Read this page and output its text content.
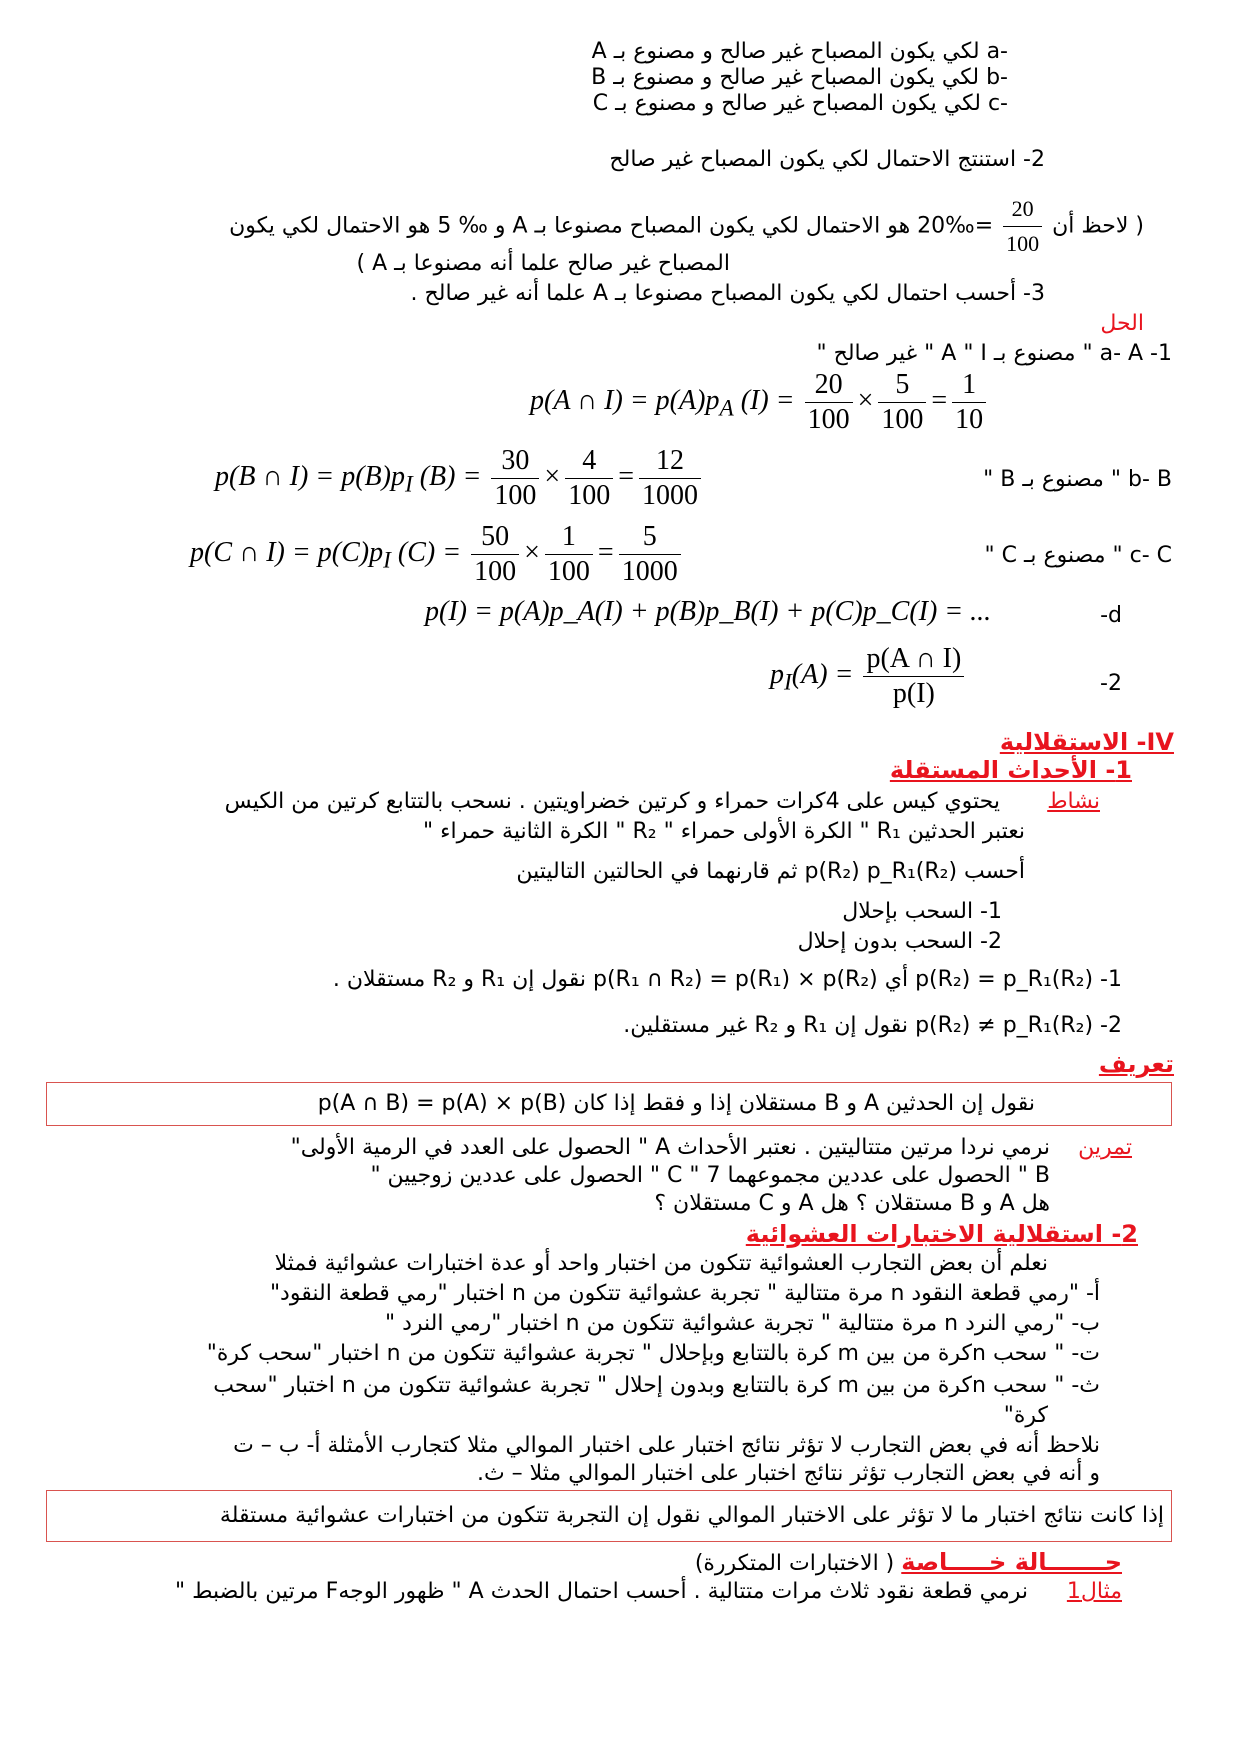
-a لكي يكون المصباح غير صالح و مصنوع بـ A
-b لكي يكون المصباح غير صالح و مصنوع بـ B
-c لكي يكون المصباح غير صالح و مصنوع بـ C
2- استنتج الاحتمال لكي يكون المصباح غير صالح
( لاحظ أن
$\frac{20}{100}$
=‰20 هو الاحتمال لكي يكون المصباح مصنوعا بـ A و ‰ 5 هو الاحتمال لكي يكون
المصباح غير صالح علما أنه مصنوعا بـ A )
3- أحسب احتمال لكي يكون المصباح مصنوعا بـ A علما أنه غير صالح .
الحل
1- a- A " مصنوع بـ A " I " غير صالح "
p(A ∩ $I) = p(A)p_A$ $(I) = \frac{20}{100} \times \frac{5}{100} = \frac{1}{10}$
b- B " مصنوع بـ B "
p(B ∩ $I) = p(B)p_I$ $(B) = \frac{30}{100} \times \frac{4}{100} = \frac{12}{1000}$
c- C " مصنوع بـ C "
p(C ∩ $I) = p(C)p_I$ $(C) = \frac{50}{100} \times \frac{1}{100} = \frac{5}{1000}$
d-
p(I) = p(A)p_A(I) + p(B)p_B(I) + p(C)p_C(I) = ...
2-
$p_I(A) = \frac{p(A \cap I)}{p(I)}$
IV- الاستقلالية
1- الأحداث المستقلة
نشاط
يحتوي كيس على 4كرات حمراء و كرتين خضراويتين . نسحب بالتتابع كرتين من الكيس
نعتبر الحدثين R₁ " الكرة الأولى حمراء " R₂ " الكرة الثانية حمراء "
أحسب p(R₂) p_R₁(R₂) ثم قارنهما في الحالتين التاليتين
1- السحب بإحلال
2- السحب بدون إحلال
1- p(R₂) = p_R₁(R₂) أي p(R₁ ∩ R₂) = p(R₁) × p(R₂) نقول إن R₁ و R₂ مستقلان .
2- p(R₂) ≠ p_R₁(R₂) نقول إن R₁ و R₂ غير مستقلين.
تعريف
نقول إن الحدثين A و B مستقلان إذا و فقط إذا كان p(A ∩ B) = p(A) × p(B)
تمرين
نرمي نردا مرتين متتاليتين . نعتبر الأحداث A " الحصول على العدد في الرمية الأولى"
B " الحصول على عددين مجموعهما 7 " C " الحصول على عددين زوجيين "
هل A و B مستقلان ؟ هل A و C مستقلان ؟
2- استقلالية الاختبارات العشوائية
نعلم أن بعض التجارب العشوائية تتكون من اختبار واحد أو عدة اختبارات عشوائية فمثلا
أ- "رمي قطعة النقود n مرة متتالية " تجربة عشوائية تتكون من n اختبار "رمي قطعة النقود"
ب- "رمي النرد n مرة متتالية " تجربة عشوائية تتكون من n اختبار "رمي النرد "
ت- " سحب nكرة من بين m كرة بالتتابع وبإحلال " تجربة عشوائية تتكون من n اختبار "سحب كرة"
ث- " سحب nكرة من بين m كرة بالتتابع وبدون إحلال " تجربة عشوائية تتكون من n اختبار "سحب
كرة"
نلاحظ أنه في بعض التجارب لا تؤثر نتائج اختبار على اختبار الموالي مثلا كتجارب الأمثلة أ- ب – ت
و أنه في بعض التجارب تؤثر نتائج اختبار على اختبار الموالي مثلا – ث.
إذا كانت نتائج اختبار ما لا تؤثر على الاختبار الموالي نقول إن التجربة تتكون من اختبارات عشوائية مستقلة
حـــــــالة خـــــاصة ( الاختبارات المتكررة)
مثال1
نرمي قطعة نقود ثلاث مرات متتالية . أحسب احتمال الحدث A " ظهور الوجهF مرتين بالضبط "
